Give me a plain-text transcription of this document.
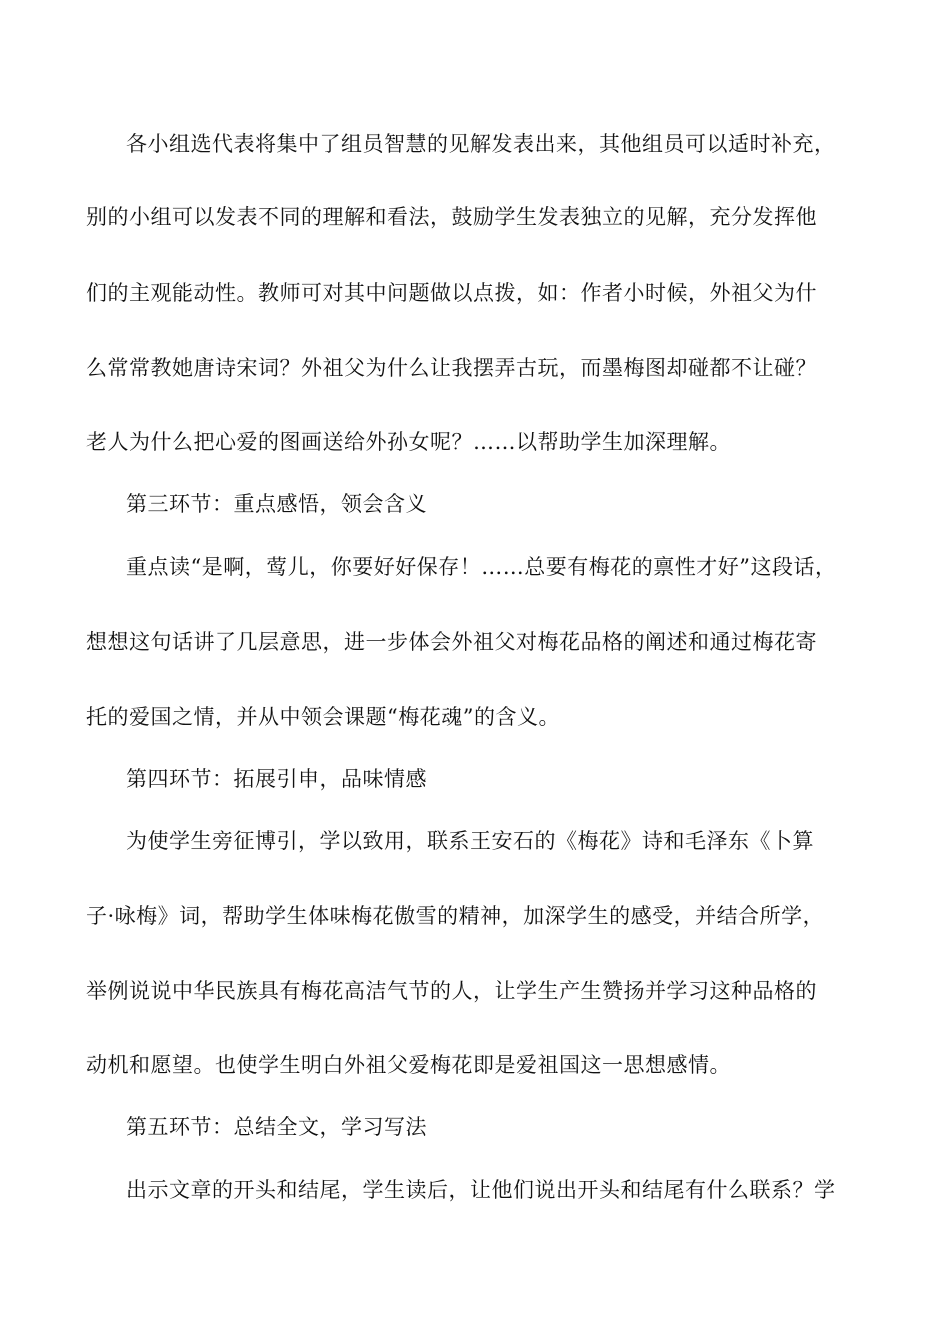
各小组选代表将集中了组员智慧的见解发表出来，其他组员可以适时补充，
别的小组可以发表不同的理解和看法，鼓励学生发表独立的见解，充分发挥他
们的主观能动性。教师可对其中问题做以点拨，如：作者小时候，外祖父为什
么常常教她唐诗宋词？外祖父为什么让我摆弄古玩，而墨梅图却碰都不让碰？
老人为什么把心爱的图画送给外孙女呢？……以帮助学生加深理解。
第三环节：重点感悟，领会含义
重点读“是啊，莺儿，你要好好保存！……总要有梅花的禀性才好”这段话，
想想这句话讲了几层意思，进一步体会外祖父对梅花品格的阐述和通过梅花寄
托的爱国之情，并从中领会课题“梅花魂”的含义。
第四环节：拓展引申，品味情感
为使学生旁征博引，学以致用，联系王安石的《梅花》诗和毛泽东《卜算
子·咏梅》词，帮助学生体味梅花傲雪的精神，加深学生的感受，并结合所学，
举例说说中华民族具有梅花高洁气节的人，让学生产生赞扬并学习这种品格的
动机和愿望。也使学生明白外祖父爱梅花即是爱祖国这一思想感情。
第五环节：总结全文，学习写法
出示文章的开头和结尾，学生读后，让他们说出开头和结尾有什么联系？学
